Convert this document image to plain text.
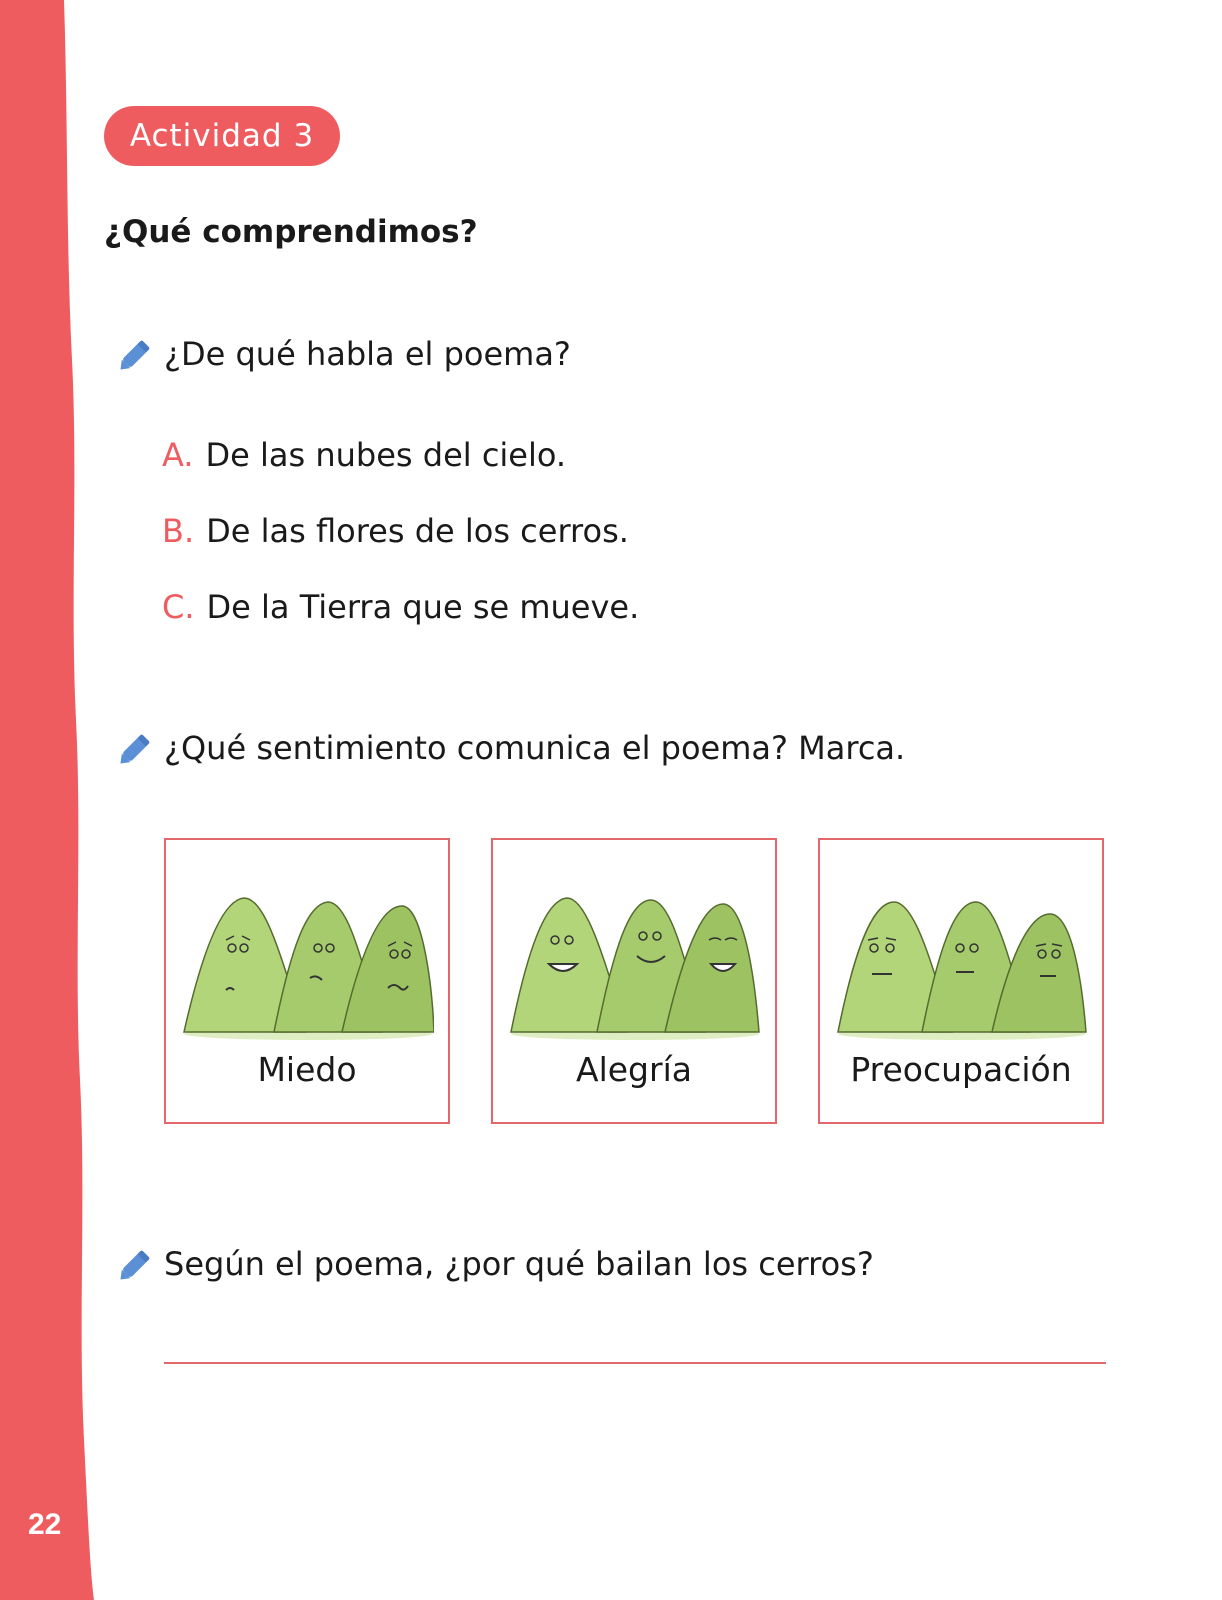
22
Actividad 3
¿Qué comprendimos?
¿De qué habla el poema?
A. De las nubes del cielo.
B. De las flores de los cerros.
C. De la Tierra que se mueve.
¿Qué sentimiento comunica el poema? Marca.
Miedo	Alegría	Preocupación
Según el poema, ¿por qué bailan los cerros?
